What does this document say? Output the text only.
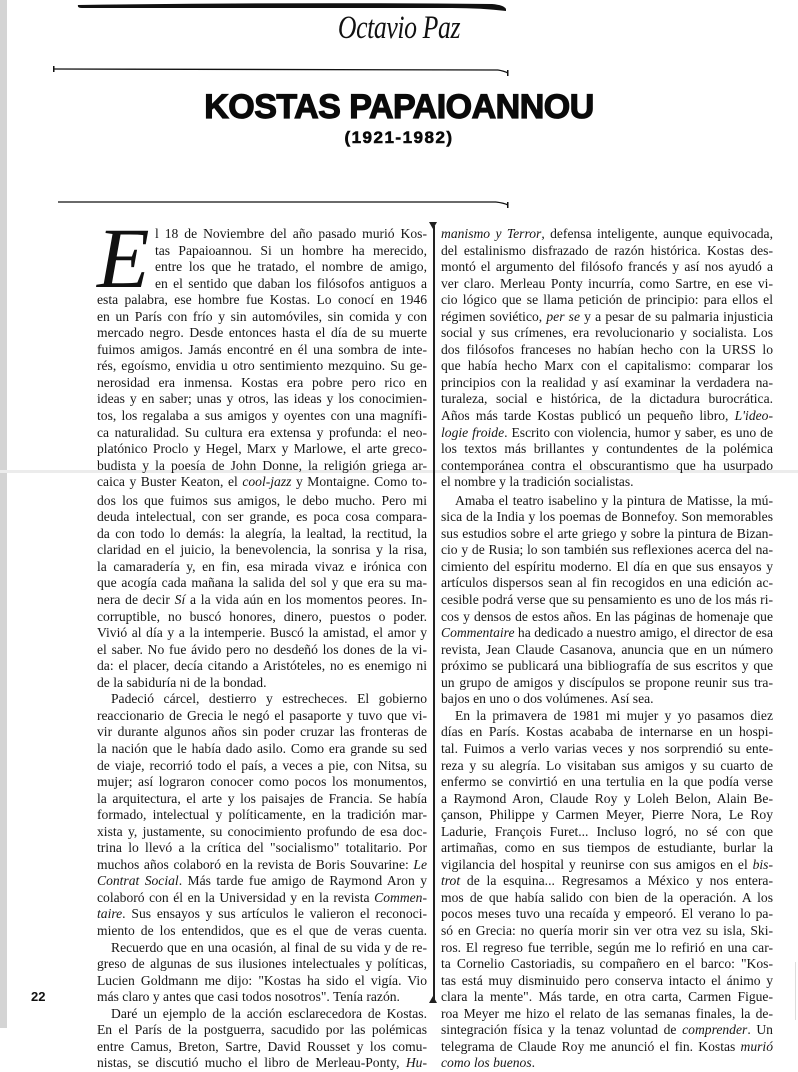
Octavio Paz
KOSTAS PAPAIOANNOU
(1921-1982)
E l 18 de Noviembre del año pasado murió Kos-
tas Papaioannou. Si un hombre ha merecido,
entre los que he tratado, el nombre de amigo,
en el sentido que daban los filósofos antiguos a
esta palabra, ese hombre fue Kostas. Lo conocí en 1946
en un París con frío y sin automóviles, sin comida y con
mercado negro. Desde entonces hasta el día de su muerte
fuimos amigos. Jamás encontré en él una sombra de inte-
rés, egoísmo, envidia u otro sentimiento mezquino. Su ge-
nerosidad era inmensa. Kostas era pobre pero rico en
ideas y en saber; unas y otros, las ideas y los conocimien-
tos, los regalaba a sus amigos y oyentes con una magnífi-
ca naturalidad. Su cultura era extensa y profunda: el neo-
platónico Proclo y Hegel, Marx y Marlowe, el arte greco-
budista y la poesía de John Donne, la religión griega ar-
caica y Buster Keaton, el cool-jazz y Montaigne. Como to-
dos los que fuimos sus amigos, le debo mucho. Pero mi
deuda intelectual, con ser grande, es poca cosa compara-
da con todo lo demás: la alegría, la lealtad, la rectitud, la
claridad en el juicio, la benevolencia, la sonrisa y la risa,
la camaradería y, en fin, esa mirada vivaz e irónica con
que acogía cada mañana la salida del sol y que era su ma-
nera de decir Sí a la vida aún en los momentos peores. In-
corruptible, no buscó honores, dinero, puestos o poder.
Vivió al día y a la intemperie. Buscó la amistad, el amor y
el saber. No fue ávido pero no desdeñó los dones de la vi-
da: el placer, decía citando a Aristóteles, no es enemigo ni
de la sabiduría ni de la bondad.
Padeció cárcel, destierro y estrecheces. El gobierno
reaccionario de Grecia le negó el pasaporte y tuvo que vi-
vir durante algunos años sin poder cruzar las fronteras de
la nación que le había dado asilo. Como era grande su sed
de viaje, recorrió todo el país, a veces a pie, con Nitsa, su
mujer; así lograron conocer como pocos los monumentos,
la arquitectura, el arte y los paisajes de Francia. Se había
formado, intelectual y políticamente, en la tradición mar-
xista y, justamente, su conocimiento profundo de esa doc-
trina lo llevó a la crítica del "socialismo" totalitario. Por
muchos años colaboró en la revista de Boris Souvarine: Le
Contrat Social. Más tarde fue amigo de Raymond Aron y
colaboró con él en la Universidad y en la revista Commen-
taire. Sus ensayos y sus artículos le valieron el reconoci-
miento de los entendidos, que es el que de veras cuenta.
Recuerdo que en una ocasión, al final de su vida y de re-
greso de algunas de sus ilusiones intelectuales y políticas,
Lucien Goldmann me dijo: "Kostas ha sido el vigía. Vio
más claro y antes que casi todos nosotros". Tenía razón.
Daré un ejemplo de la acción esclarecedora de Kostas.
En el París de la postguerra, sacudido por las polémicas
entre Camus, Breton, Sartre, David Rousset y los comu-
nistas, se discutió mucho el libro de Merleau-Ponty, Hu-
manismo y Terror, defensa inteligente, aunque equivocada,
del estalinismo disfrazado de razón histórica. Kostas des-
montó el argumento del filósofo francés y así nos ayudó a
ver claro. Merleau Ponty incurría, como Sartre, en ese vi-
cio lógico que se llama petición de principio: para ellos el
régimen soviético, per se y a pesar de su palmaria injusticia
social y sus crímenes, era revolucionario y socialista. Los
dos filósofos franceses no habían hecho con la URSS lo
que había hecho Marx con el capitalismo: comparar los
principios con la realidad y así examinar la verdadera na-
turaleza, social e histórica, de la dictadura burocrática.
Años más tarde Kostas publicó un pequeño libro, L'ideo-
logie froide. Escrito con violencia, humor y saber, es uno de
los textos más brillantes y contundentes de la polémica
contemporánea contra el obscurantismo que ha usurpado
el nombre y la tradición socialistas.
Amaba el teatro isabelino y la pintura de Matisse, la mú-
sica de la India y los poemas de Bonnefoy. Son memorables
sus estudios sobre el arte griego y sobre la pintura de Bizan-
cio y de Rusia; lo son también sus reflexiones acerca del na-
cimiento del espíritu moderno. El día en que sus ensayos y
artículos dispersos sean al fin recogidos en una edición ac-
cesible podrá verse que su pensamiento es uno de los más ri-
cos y densos de estos años. En las páginas de homenaje que
Commentaire ha dedicado a nuestro amigo, el director de esa
revista, Jean Claude Casanova, anuncia que en un número
próximo se publicará una bibliografía de sus escritos y que
un grupo de amigos y discípulos se propone reunir sus tra-
bajos en uno o dos volúmenes. Así sea.
En la primavera de 1981 mi mujer y yo pasamos diez
días en París. Kostas acababa de internarse en un hospi-
tal. Fuimos a verlo varias veces y nos sorprendió su ente-
reza y su alegría. Lo visitaban sus amigos y su cuarto de
enfermo se convirtió en una tertulia en la que podía verse
a Raymond Aron, Claude Roy y Loleh Belon, Alain Be-
çanson, Philippe y Carmen Meyer, Pierre Nora, Le Roy
Ladurie, François Furet... Incluso logró, no sé con que
artimañas, como en sus tiempos de estudiante, burlar la
vigilancia del hospital y reunirse con sus amigos en el bis-
trot de la esquina... Regresamos a México y nos entera-
mos de que había salido con bien de la operación. A los
pocos meses tuvo una recaída y empeoró. El verano lo pa-
só en Grecia: no quería morir sin ver otra vez su isla, Ski-
ros. El regreso fue terrible, según me lo refirió en una car-
ta Cornelio Castoriadis, su compañero en el barco: "Kos-
tas está muy disminuido pero conserva intacto el ánimo y
clara la mente". Más tarde, en otra carta, Carmen Figue-
roa Meyer me hizo el relato de las semanas finales, la de-
sintegración física y la tenaz voluntad de comprender. Un
telegrama de Claude Roy me anunció el fin. Kostas murió
como los buenos.
22
